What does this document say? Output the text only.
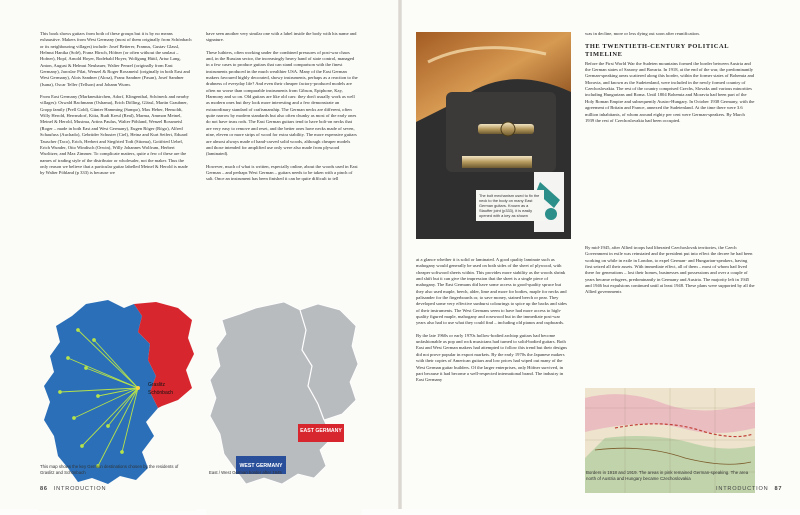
This book shows guitars from both of these groups but it is by no means exhaustive. Makers from West Germany (most of them originally from Schönbach or its neighbouring villages) include: Josef Betterer, Framus, Gustav Glassl, Helmut Hanika (Solé), Franz Hirsch, Höfner (or often without the umlaut – Hofner), Hopf, Arnold Hoyer, Rodebald Hoyer, Wolfgang Hüttl, Artur Lang, Anton, August & Helmut Neubauer, Walter Penzel (originally from East Germany), Jaroslav Pilat, Wenzel & Roger Rossmeisl (originally in both East and West Germany), Alois Sandner (Alosa), Franz Sandner (Fasan), Josef Sandner (Isana), Oscar Teller (Tellson) and Johann Wurm.

From East Germany (Markneukirchen, Adorf, Klingenthal, Schöneck and nearby villages): Oswald Bachmann (Oshama), Erich Dölling, Glässl, Martin Graubner, Gropp family (Prell Gold), Günter Hamming (Sampo), Max Heber, Hensoldt, Willy Herold, Herrnsdorf, Kitta, Rudi Kreul (Real), Marma, Ammon Meinel, Meinel & Herold, Musima, Artins Paulus, Walter Pöhland, Wenzel Rossmeisl (Roger – made in both East and West Germany), Eugen Röger (Rögo), Alfred Schaufuss (Auchado), Gebrüder Schuster (Ciel), Heinz and Kurt Seifert, Eduard Tauscher (Taco), Erich, Herbert and Siegfried Todt (Sitoma), Gottfried Uebel, Erich Wunder, Otto Windisch (Orwin), Willy Johannes Wolfrum, Herbert Wurlitzer, and Max Zimmer. To complicate matters, quite a few of these are the names of trading style of the distributor or wholesaler, not the maker. Thus the only reason we believe that a particular guitar labelled Meinel & Herold is made by Walter Pöhland (p 333) is because we

have seen another very similar one with a label inside the body with his name and signature.

These luthiers, often working under the combined pressures of post-war chaos and, in the Russian sector, the increasingly heavy hand of state control, managed in a few cases to produce guitars that can stand comparison with the finest instruments produced in the much wealthier USA. Many of the East German makers favoured highly decorated, showy instruments, perhaps as a reaction to the drabness of everyday life? And even their cheaper factory-produced models are often no worse than comparable instruments from Gibson, Epiphone, Kay, Harmony and so on. Old guitars are like old cars: they don't usually work as well as modern ones but they look more interesting and a few demonstrate an extraordinary standard of craftsmanship. The German necks are different, often quite narrow by modern standards but also often chunky as most of the early ones do not have truss rods. The East German guitars tend to have bolt-on necks that are very easy to remove and reset, and the better ones have necks made of seven, nine, eleven or more strips of wood for extra stability. The more expensive guitars are almost always made of hand-carved solid woods, although cheaper models and those intended for amplified use only were also made from plywood (laminated).

However, much of what is written, especially online, about the woods used in East German – and perhaps West German – guitars needs to be taken with a pinch of salt. Once an instrument has been finished it can be quite difficult to tell

Graslitz
Schönbach
This map shows the key German destinations chosen by the residents of Graslitz and Schönbach
EAST GERMANY
WEST GERMANY
East / West German border after 1945
86 INTRODUCTION
The bolt mechanism used to fix the neck to the body on many East German guitars. Known as a Stauffer joint (p333), it is easily opened with a key as shown

at a glance whether it is solid or laminated. A good quality laminate such as mahogany would generally be used on both sides of the sheet of plywood, with cheaper softwood sheets within. This provides more stability as the woods shrink and shift but it can give the impression that the sheet is a single piece of mahogany. The East Germans did have some access to good-quality spruce but they also used maple, beech, alder, lime and more for bodies, maple for necks and palisander for the fingerboards or, to save money, stained beech or pear. They developed some very effective sunburst colourings to spice up the backs and sides of their instruments. The West Germans seem to have had more access to high-quality figured maple, mahogany and rosewood but in the immediate post-war years also had to use what they could find – including old pianos and cupboards.

By the late 1960s or early 1970s hollow-bodied archtop guitars had become unfashionable as pop and rock musicians had turned to solid-bodied guitars. Both East and West German makers had attempted to follow this trend but their designs did not prove popular in export markets. By the early 1970s the Japanese makers with their copies of American guitars and low prices had wiped out many of the West German guitar builders. Of the larger enterprises, only Höfner survived, in part because it had become a well-respected international brand. The industry in East Germany

was in decline, more or less dying out soon after reunification.

THE TWENTIETH-CENTURY POLITICAL TIMELINE

Before the First World War the Sudeten mountains formed the border between Austria and the German states of Saxony and Bavaria. In 1918, at the end of the war, the predominantly German-speaking areas scattered along this border, within the former states of Bohemia and Moravia, and known as the Sudetenland, were included in the newly formed country of Czechoslovakia. The rest of the country comprised Czechs, Slovaks and various minorities including Hungarians and Roma. Until 1804 Bohemia and Moravia had been part of the Holy Roman Empire and subsequently Austro-Hungary. In October 1938 Germany, with the agreement of Britain and France, annexed the Sudetenland. At the time there were 3.6 million inhabitants, of whom around eighty per cent were German-speakers. By March 1939 the rest of Czechoslovakia had been occupied.

By mid-1945, after Allied troops had liberated Czechoslovak territories, the Czech Government in exile was reinstated and the president put into effect the decree he had been working on while in exile in London, to expel German- and Hungarian-speakers, having first seized all their assets. With immediate effect, all of them – most of whom had lived there for generations – lost their homes, businesses and possessions and over a couple of years became refugees, predominantly in Germany and Austria. The majority left in 1945 and 1946 but expulsions continued until at least 1948. These plans were supported by all the Allied governments

Borders in 1918 and 1919. The areas in pink remained German-speaking. The area north of Austria and Hungary became Czechoslovakia
INTRODUCTION 87
